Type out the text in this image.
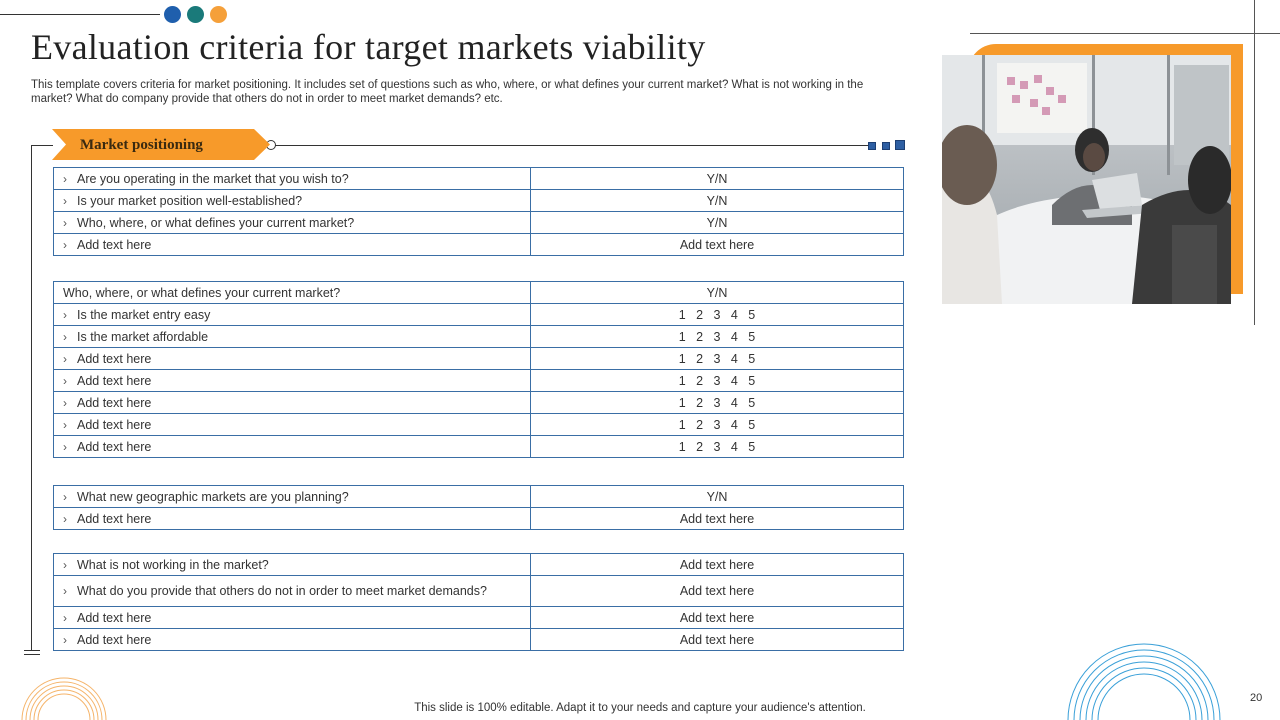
Evaluation criteria for target markets viability
This template covers criteria for market positioning. It includes set of questions such as who, where, or what defines your current market? What is not working in the market? What do company provide that others do not in order to meet market demands? etc.
Market positioning
› Are you operating in the market that you wish to?	Y/N
› Is your market position well-established?	Y/N
› Who, where, or what defines your current market?	Y/N
› Add text here	Add text here
Who, where, or what defines your current market?	Y/N
› Is the market entry easy	1   2   3   4   5
› Is the market affordable	1   2   3   4   5
› Add text here	1   2   3   4   5
› Add text here	1   2   3   4   5
› Add text here	1   2   3   4   5
› Add text here	1   2   3   4   5
› Add text here	1   2   3   4   5
› What new geographic markets are you planning?	Y/N
› Add text here	Add text here
› What is not working in the market?	Add text here
› What do you provide that others do not in order to meet market demands?	Add text here
› Add text here	Add text here
› Add text here	Add text here
This slide is 100% editable. Adapt it to your needs and capture your audience's attention.
20
